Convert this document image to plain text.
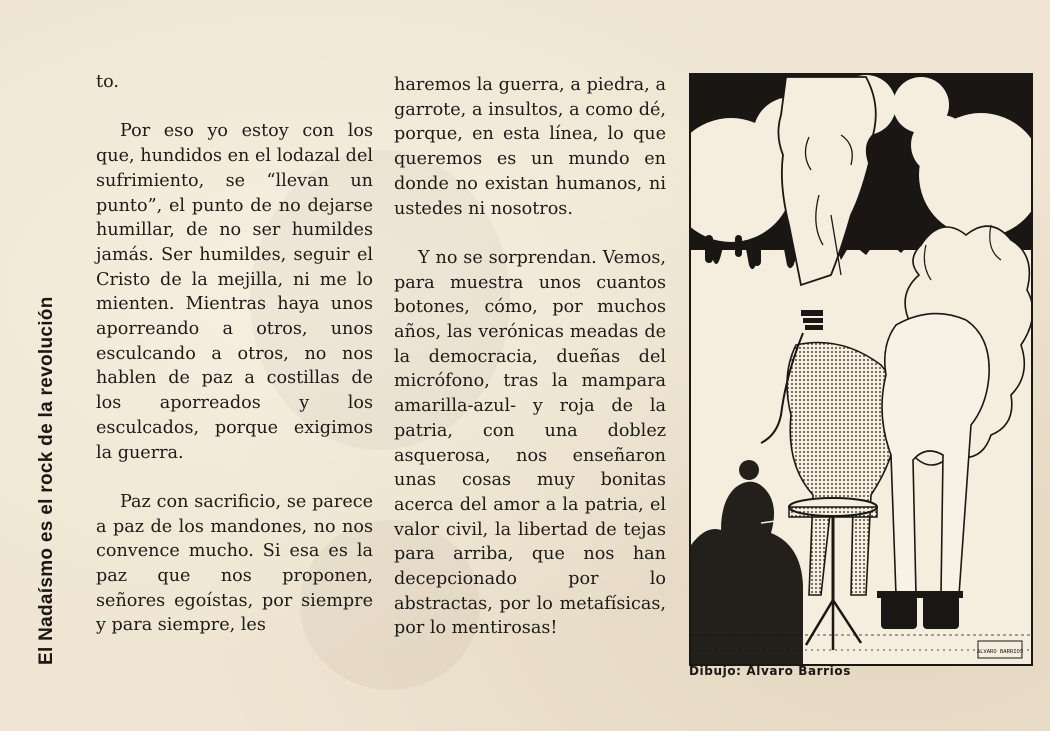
El Nadaísmo es el rock de la revolución

to.

Por eso yo estoy con los que, hundidos en el lodazal del sufrimiento, se “llevan un punto”, el punto de no dejarse humillar, de no ser humildes jamás. Ser humildes, seguir el Cristo de la mejilla, ni me lo mienten. Mientras haya unos aporreando a otros, unos esculcando a otros, no nos hablen de paz a costillas de los aporreados y los esculcados, porque exigimos la guerra.

Paz con sacrificio, se parece a paz de los mandones, no nos convence mucho. Si esa es la paz que nos proponen, señores egoístas, por siempre y para siempre, les

haremos la guerra, a piedra, a garrote, a insultos, a como dé, porque, en esta línea, lo que queremos es un mundo en donde no existan humanos, ni ustedes ni nosotros.

Y no se sorprendan. Vemos, para muestra unos cuantos botones, cómo, por muchos años, las verónicas meadas de la democracia, dueñas del micrófono, tras la mampara amarilla-azul- y roja de la patria, con una doblez asquerosa, nos enseñaron unas cosas muy bonitas acerca del amor a la patria, el valor civil, la libertad de tejas para arriba, que nos han decepcionado por lo abstractas, por lo metafísicas, por lo mentirosas!

ALVARO BARRIOS
Dibujo: Alvaro Barrios
